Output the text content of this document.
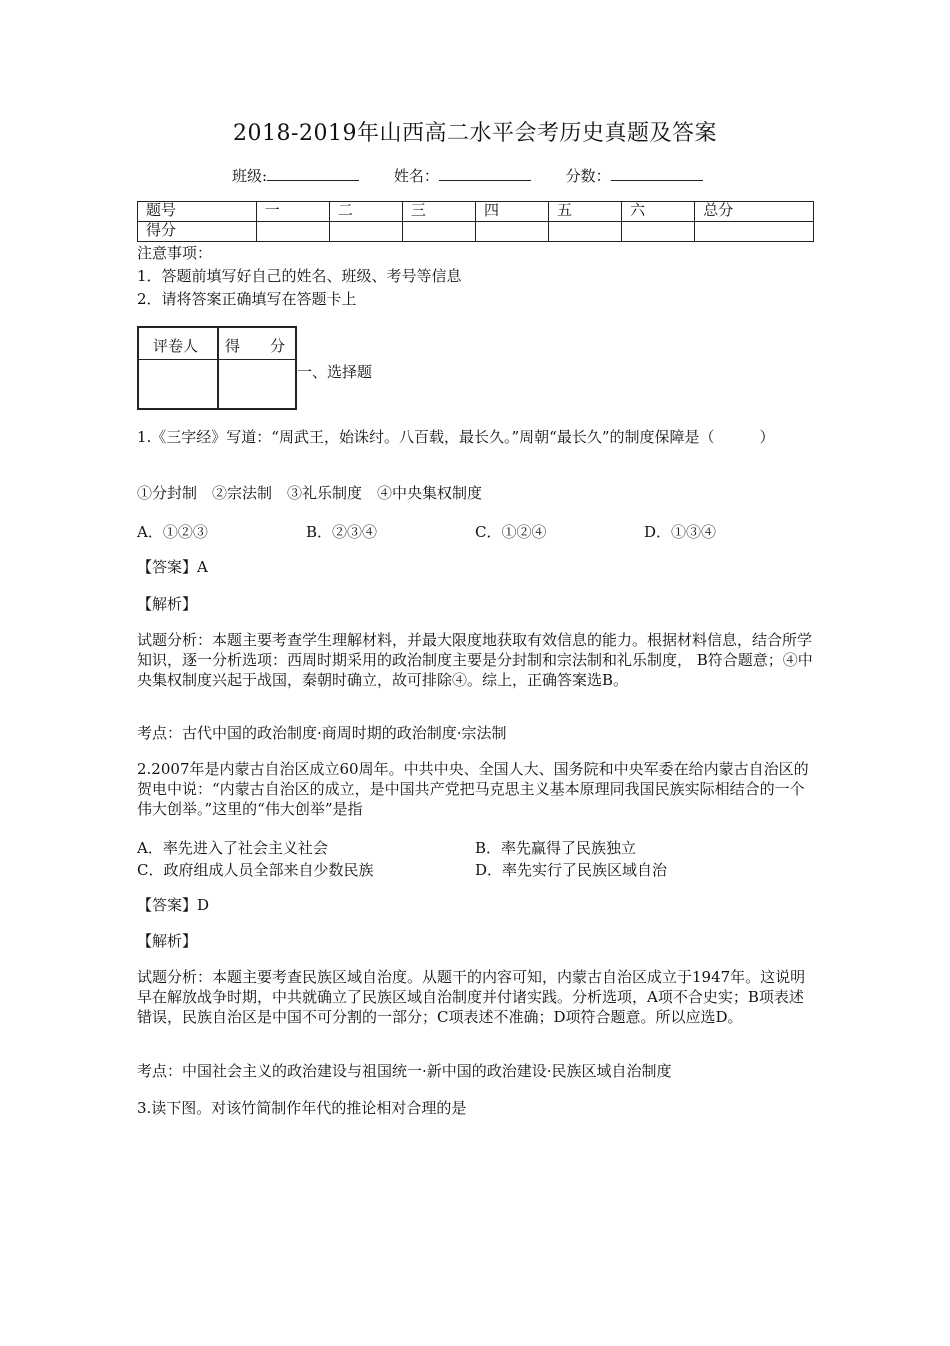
2018-2019年山西高二水平会考历史真题及答案
班级:	姓名：	分数：
题号	一	二	三	四	五	六	总分
得分							
注意事项：
1．答题前填写好自己的姓名、班级、考号等信息
2．请将答案正确填写在答题卡上
评卷人 得　　分
一、选择题
1.《三字经》写道：“周武王，始诛纣。八百载，最长久。”周朝“最长久”的制度保障是（　　　）
①分封制　②宗法制　③礼乐制度　④中央集权制度
A．①②③	B．②③④	C．①②④	D．①③④
【答案】A
【解析】
试题分析：本题主要考查学生理解材料，并最大限度地获取有效信息的能力。根据材料信息，结合所学知识，逐一分析选项：西周时期采用的政治制度主要是分封制和宗法制和礼乐制度， B符合题意；④中央集权制度兴起于战国，秦朝时确立，故可排除④。综上，正确答案选B。
考点：古代中国的政治制度·商周时期的政治制度·宗法制
2.2007年是内蒙古自治区成立60周年。中共中央、全国人大、国务院和中央军委在给内蒙古自治区的贺电中说：“内蒙古自治区的成立，是中国共产党把马克思主义基本原理同我国民族实际相结合的一个伟大创举。”这里的“伟大创举”是指
A．率先进入了社会主义社会	B．率先赢得了民族独立
C．政府组成人员全部来自少数民族	D．率先实行了民族区域自治
【答案】D
【解析】
试题分析：本题主要考查民族区域自治度。从题干的内容可知，内蒙古自治区成立于1947年。这说明早在解放战争时期，中共就确立了民族区域自治制度并付诸实践。分析选项，A项不合史实；B项表述错误，民族自治区是中国不可分割的一部分；C项表述不准确；D项符合题意。所以应选D。
考点：中国社会主义的政治建设与祖国统一·新中国的政治建设·民族区域自治制度
3.读下图。对该竹简制作年代的推论相对合理的是
